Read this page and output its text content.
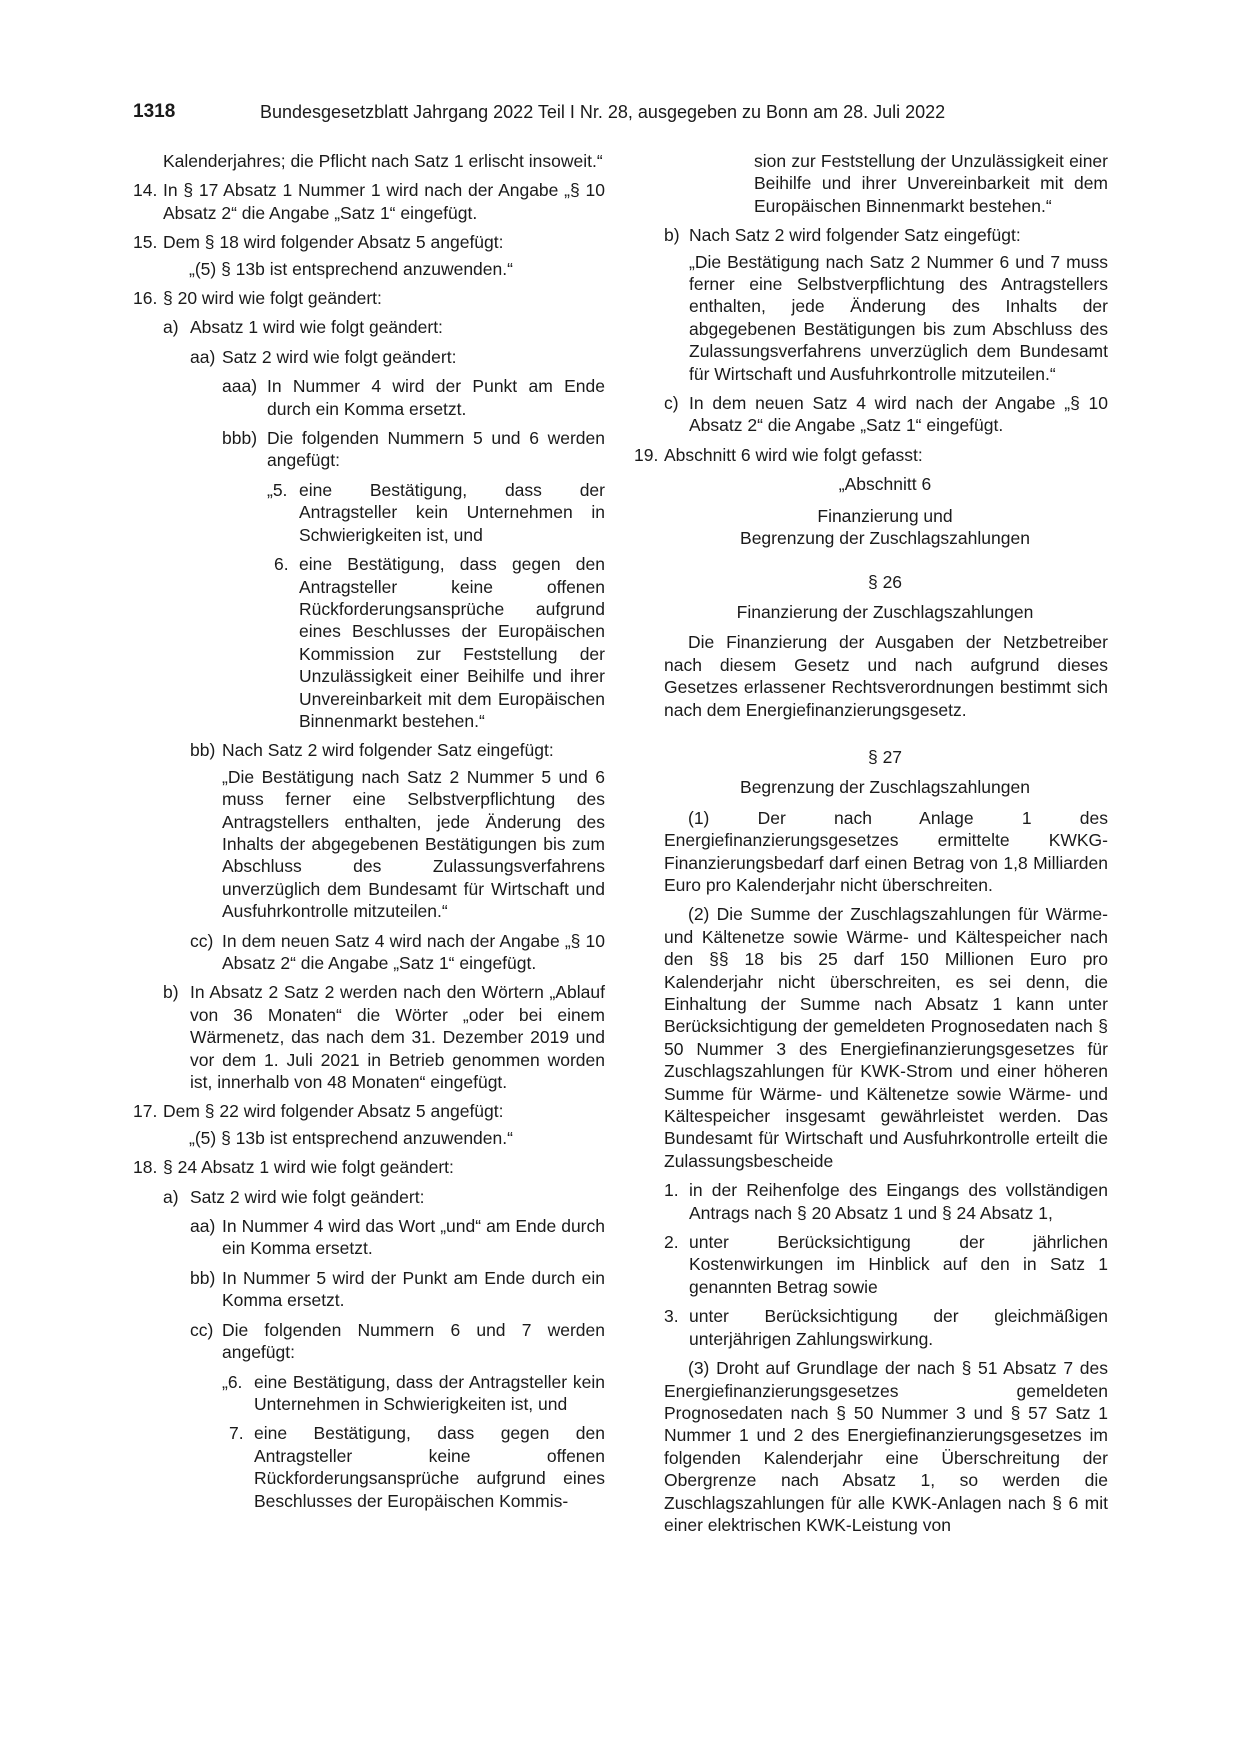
1318	Bundesgesetzblatt Jahrgang 2022 Teil I Nr. 28, ausgegeben zu Bonn am 28. Juli 2022
Kalenderjahres; die Pflicht nach Satz 1 erlischt insoweit.“
14. In § 17 Absatz 1 Nummer 1 wird nach der Angabe „§ 10 Absatz 2“ die Angabe „Satz 1“ eingefügt.
15. Dem § 18 wird folgender Absatz 5 angefügt:
„(5) § 13b ist entsprechend anzuwenden.“
16. § 20 wird wie folgt geändert:
a) Absatz 1 wird wie folgt geändert:
aa) Satz 2 wird wie folgt geändert:
aaa) In Nummer 4 wird der Punkt am Ende durch ein Komma ersetzt.
bbb) Die folgenden Nummern 5 und 6 werden angefügt:
„5. eine Bestätigung, dass der Antragsteller kein Unternehmen in Schwierigkeiten ist, und
6. eine Bestätigung, dass gegen den Antragsteller keine offenen Rückforderungsansprüche aufgrund eines Beschlusses der Europäischen Kommission zur Feststellung der Unzulässigkeit einer Beihilfe und ihrer Unvereinbarkeit mit dem Europäischen Binnenmarkt bestehen.“
bb) Nach Satz 2 wird folgender Satz eingefügt:
„Die Bestätigung nach Satz 2 Nummer 5 und 6 muss ferner eine Selbstverpflichtung des Antragstellers enthalten, jede Änderung des Inhalts der abgegebenen Bestätigungen bis zum Abschluss des Zulassungsverfahrens unverzüglich dem Bundesamt für Wirtschaft und Ausfuhrkontrolle mitzuteilen.“
cc) In dem neuen Satz 4 wird nach der Angabe „§ 10 Absatz 2“ die Angabe „Satz 1“ eingefügt.
b) In Absatz 2 Satz 2 werden nach den Wörtern „Ablauf von 36 Monaten“ die Wörter „oder bei einem Wärmenetz, das nach dem 31. Dezember 2019 und vor dem 1. Juli 2021 in Betrieb genommen worden ist, innerhalb von 48 Monaten“ eingefügt.
17. Dem § 22 wird folgender Absatz 5 angefügt:
„(5) § 13b ist entsprechend anzuwenden.“
18. § 24 Absatz 1 wird wie folgt geändert:
a) Satz 2 wird wie folgt geändert:
aa) In Nummer 4 wird das Wort „und“ am Ende durch ein Komma ersetzt.
bb) In Nummer 5 wird der Punkt am Ende durch ein Komma ersetzt.
cc) Die folgenden Nummern 6 und 7 werden angefügt:
„6. eine Bestätigung, dass der Antragsteller kein Unternehmen in Schwierigkeiten ist, und
7. eine Bestätigung, dass gegen den Antragsteller keine offenen Rückforderungsansprüche aufgrund eines Beschlusses der Europäischen Kommis-
sion zur Feststellung der Unzulässigkeit einer Beihilfe und ihrer Unvereinbarkeit mit dem Europäischen Binnenmarkt bestehen.“
b) Nach Satz 2 wird folgender Satz eingefügt:
„Die Bestätigung nach Satz 2 Nummer 6 und 7 muss ferner eine Selbstverpflichtung des Antragstellers enthalten, jede Änderung des Inhalts der abgegebenen Bestätigungen bis zum Abschluss des Zulassungsverfahrens unverzüglich dem Bundesamt für Wirtschaft und Ausfuhrkontrolle mitzuteilen.“
c) In dem neuen Satz 4 wird nach der Angabe „§ 10 Absatz 2“ die Angabe „Satz 1“ eingefügt.
19. Abschnitt 6 wird wie folgt gefasst:

„Abschnitt 6

Finanzierung und

Begrenzung der Zuschlagszahlungen

§ 26

Finanzierung der Zuschlagszahlungen

Die Finanzierung der Ausgaben der Netzbetreiber nach diesem Gesetz und nach aufgrund dieses Gesetzes erlassener Rechtsverordnungen bestimmt sich nach dem Energiefinanzierungsgesetz.

§ 27

Begrenzung der Zuschlagszahlungen

(1) Der nach Anlage 1 des Energiefinanzierungsgesetzes ermittelte KWKG-Finanzierungsbedarf darf einen Betrag von 1,8 Milliarden Euro pro Kalenderjahr nicht überschreiten.

(2) Die Summe der Zuschlagszahlungen für Wärme- und Kältenetze sowie Wärme- und Kältespeicher nach den §§ 18 bis 25 darf 150 Millionen Euro pro Kalenderjahr nicht überschreiten, es sei denn, die Einhaltung der Summe nach Absatz 1 kann unter Berücksichtigung der gemeldeten Prognosedaten nach § 50 Nummer 3 des Energiefinanzierungsgesetzes für Zuschlagszahlungen für KWK-Strom und einer höheren Summe für Wärme- und Kältenetze sowie Wärme- und Kältespeicher insgesamt gewährleistet werden. Das Bundesamt für Wirtschaft und Ausfuhrkontrolle erteilt die Zulassungsbescheide

1. in der Reihenfolge des Eingangs des vollständigen Antrags nach § 20 Absatz 1 und § 24 Absatz 1,
2. unter Berücksichtigung der jährlichen Kostenwirkungen im Hinblick auf den in Satz 1 genannten Betrag sowie
3. unter Berücksichtigung der gleichmäßigen unterjährigen Zahlungswirkung.

(3) Droht auf Grundlage der nach § 51 Absatz 7 des Energiefinanzierungsgesetzes gemeldeten Prognosedaten nach § 50 Nummer 3 und § 57 Satz 1 Nummer 1 und 2 des Energiefinanzierungsgesetzes im folgenden Kalenderjahr eine Überschreitung der Obergrenze nach Absatz 1, so werden die Zuschlagszahlungen für alle KWK-Anlagen nach § 6 mit einer elektrischen KWK-Leistung von
